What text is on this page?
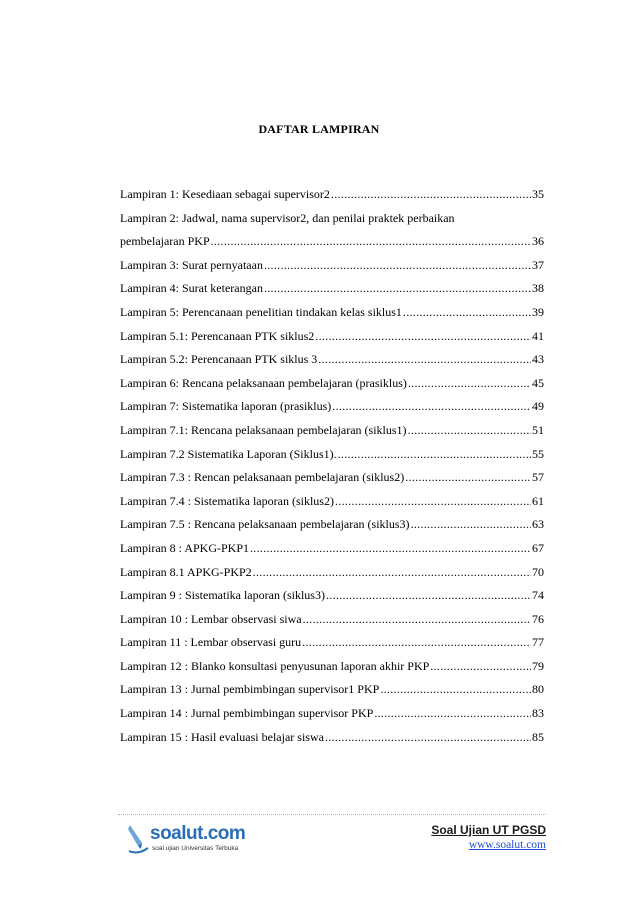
DAFTAR LAMPIRAN
Lampiran 1: Kesediaan sebagai supervisor2 .....	35
Lampiran 2: Jadwal, nama supervisor2, dan penilai praktek perbaikan
pembelajaran PKP .....	36
Lampiran 3: Surat pernyataan .....	37
Lampiran 4: Surat keterangan .....	38
Lampiran 5: Perencanaan penelitian tindakan kelas siklus1 .....	39
Lampiran 5.1: Perencanaan PTK siklus2 .....	41
Lampiran 5.2: Perencanaan PTK siklus 3 .....	43
Lampiran 6: Rencana pelaksanaan pembelajaran (prasiklus) .....	45
Lampiran 7: Sistematika laporan (prasiklus) .....	49
Lampiran 7.1: Rencana pelaksanaan pembelajaran (siklus1) .....	51
Lampiran 7.2 Sistematika Laporan (Siklus1). .....	55
Lampiran 7.3 : Rencan pelaksanaan pembelajaran (siklus2) .....	57
Lampiran 7.4 : Sistematika laporan (siklus2) .....	61
Lampiran 7.5 : Rencana pelaksanaan pembelajaran (siklus3) .....	63
Lampiran 8 : APKG-PKP1 .....	67
Lampiran 8.1 APKG-PKP2 .....	70
Lampiran 9 : Sistematika laporan (siklus3) .....	74
Lampiran 10 : Lembar observasi siwa .....	76
Lampiran 11 : Lembar observasi guru .....	77
Lampiran 12 : Blanko konsultasi penyusunan laporan akhir PKP .....	79
Lampiran 13 : Jurnal pembimbingan supervisor1 PKP .....	80
Lampiran 14 : Jurnal pembimbingan supervisor PKP .....	83
Lampiran 15 : Hasil evaluasi belajar siswa .....	85
soalut.com
soal ujian Universitas Terbuka
Soal Ujian UT PGSD
www.soalut.com
